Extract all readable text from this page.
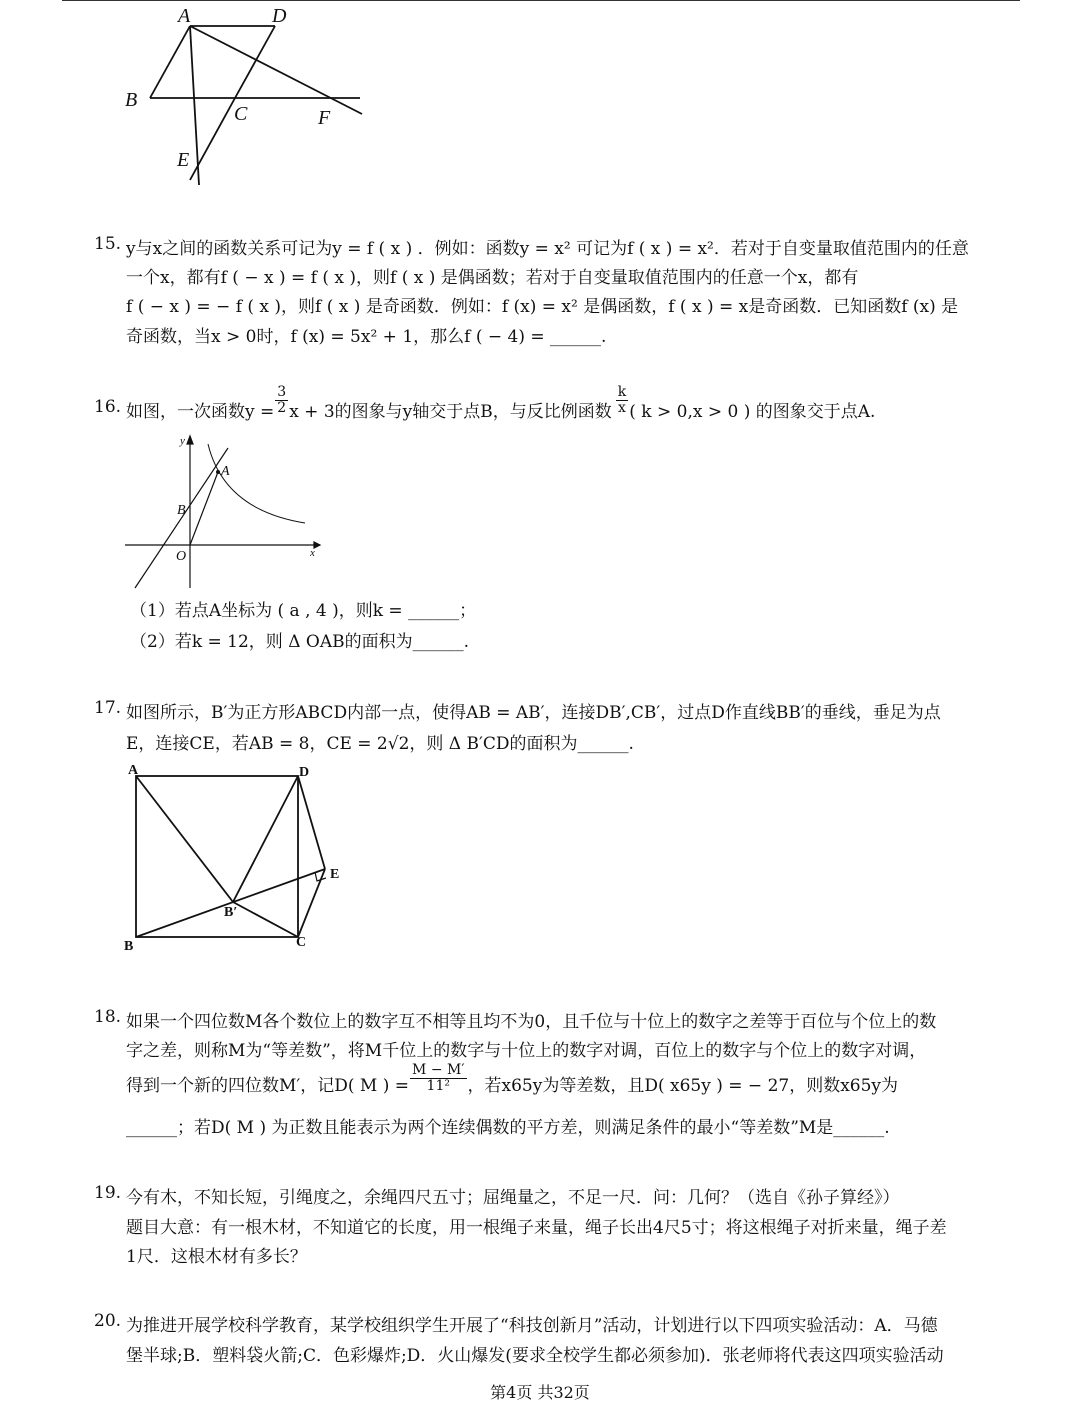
A	D
B
C	F
E
15. y与x之间的函数关系可记为y = f ( x ) ．例如：函数y = x² 可记为f ( x ) = x²．若对于自变量取值范围内的任意
一个x，都有f ( − x ) = f ( x )，则f ( x ) 是偶函数；若对于自变量取值范围内的任意一个x，都有
f ( − x ) = − f ( x )，则f ( x ) 是奇函数．例如：f (x) = x² 是偶函数，f ( x ) = x是奇函数．已知函数f (x) 是
奇函数，当x > 0时，f (x) = 5x² + 1，那么f ( − 4) = ______.
16. 如图，一次函数$y = \frac{3}{2}$ x + 3的图象与y轴交于点B，与反比例函数 $\frac{k}{x}$ ( k > 0,x > 0 ) 的图象交于点A.
y
x
O
A
B
（1）若点A坐标为 ( a , 4 )，则k = ______；
（2）若k = 12，则 Δ OAB的面积为______.
17. 如图所示，B′为正方形ABCD内部一点，使得AB = AB′，连接DB′,CB′，过点D作直线BB′的垂线，垂足为点
E，连接CE，若AB = 8，CE = 2√2，则 Δ B′CD的面积为______.
A	D
B	C
E
B′
18. 如果一个四位数M各个数位上的数字互不相等且均不为0，且千位与十位上的数字之差等于百位与个位上的数
字之差，则称M为“等差数”，将M千位上的数字与十位上的数字对调，百位上的数字与个位上的数字对调，
得到一个新的四位数M′，记D( M ) = $\frac{M - M'}{\text{11²}}$ ，若x65y为等差数，且D( x65y ) = − 27，则数x65y为
______；若D( M ) 为正数且能表示为两个连续偶数的平方差，则满足条件的最小“等差数”M是______.
19. 今有木，不知长短，引绳度之，余绳四尺五寸；屈绳量之，不足一尺．问：几何？（选自《孙子算经》）
题目大意：有一根木材，不知道它的长度，用一根绳子来量，绳子长出4尺5寸；将这根绳子对折来量，绳子差
1尺．这根木材有多长？
20. 为推进开展学校科学教育，某学校组织学生开展了“科技创新月”活动，计划进行以下四项实验活动：A．马德
堡半球;B．塑料袋火箭;C．色彩爆炸;D．火山爆发(要求全校学生都必须参加)．张老师将代表这四项实验活动
第4页 共32页
